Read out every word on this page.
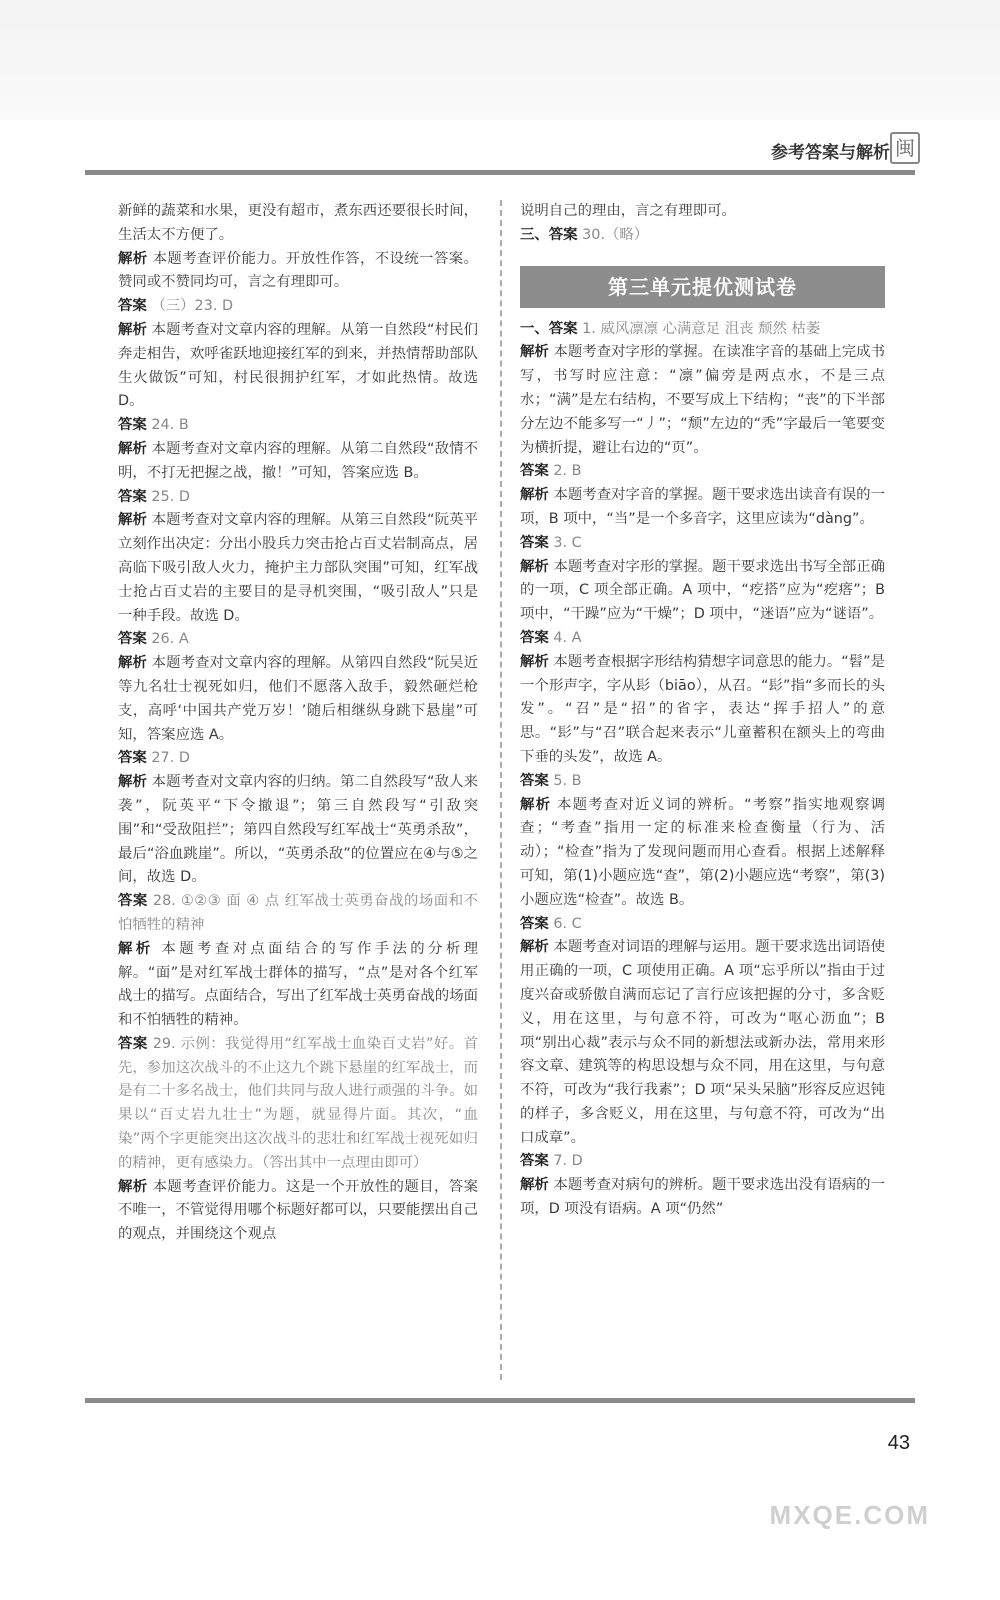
参考答案与解析 闽

新鲜的蔬菜和水果，更没有超市，煮东西还要很长时间，生活太不方便了。

解析 本题考查评价能力。开放性作答，不设统一答案。赞同或不赞同均可，言之有理即可。

答案 （三）23. D

解析 本题考查对文章内容的理解。从第一自然段“村民们奔走相告，欢呼雀跃地迎接红军的到来，并热情帮助部队生火做饭”可知，村民很拥护红军，才如此热情。故选 D。

答案 24. B

解析 本题考查对文章内容的理解。从第二自然段“敌情不明，不打无把握之战，撤！”可知，答案应选 B。

答案 25. D

解析 本题考查对文章内容的理解。从第三自然段“阮英平立刻作出决定：分出小股兵力突击抢占百丈岩制高点，居高临下吸引敌人火力，掩护主力部队突围”可知，红军战士抢占百丈岩的主要目的是寻机突围，“吸引敌人”只是一种手段。故选 D。

答案 26. A

解析 本题考查对文章内容的理解。从第四自然段“阮吴近等九名壮士视死如归，他们不愿落入敌手，毅然砸烂枪支，高呼‘中国共产党万岁！’随后相继纵身跳下悬崖”可知，答案应选 A。

答案 27. D

解析 本题考查对文章内容的归纳。第二自然段写“敌人来袭”，阮英平“下令撤退”；第三自然段写“引敌突围”和“受敌阻拦”；第四自然段写红军战士“英勇杀敌”，最后“浴血跳崖”。所以，“英勇杀敌”的位置应在④与⑤之间，故选 D。

答案 28. ①②③ 面 ④ 点 红军战士英勇奋战的场面和不怕牺牲的精神

解析 本题考查对点面结合的写作手法的分析理解。“面”是对红军战士群体的描写，“点”是对各个红军战士的描写。点面结合，写出了红军战士英勇奋战的场面和不怕牺牲的精神。

答案 29. 示例：我觉得用“红军战士血染百丈岩”好。首先，参加这次战斗的不止这九个跳下悬崖的红军战士，而是有二十多名战士，他们共同与敌人进行顽强的斗争。如果以“百丈岩九壮士”为题，就显得片面。其次，“血染”两个字更能突出这次战斗的悲壮和红军战士视死如归的精神，更有感染力。（答出其中一点理由即可）

解析 本题考查评价能力。这是一个开放性的题目，答案不唯一，不管觉得用哪个标题好都可以，只要能摆出自己的观点，并围绕这个观点

说明自己的理由，言之有理即可。

三、答案 30.（略）

第三单元提优测试卷

一、答案 1. 威风凛凛 心满意足 沮丧 颓然 枯萎

解析 本题考查对字形的掌握。在读准字音的基础上完成书写，书写时应注意：“凛”偏旁是两点水，不是三点水；“满”是左右结构，不要写成上下结构；“丧”的下半部分左边不能多写一“丿”；“颓”左边的“秃”字最后一笔要变为横折提，避让右边的“页”。

答案 2. B

解析 本题考查对字音的掌握。题干要求选出读音有误的一项，B 项中，“当”是一个多音字，这里应读为“dàng”。

答案 3. C

解析 本题考查对字形的掌握。题干要求选出书写全部正确的一项，C 项全部正确。A 项中，“疙搭”应为“疙瘩”；B 项中，“干躁”应为“干燥”；D 项中，“迷语”应为“谜语”。

答案 4. A

解析 本题考查根据字形结构猜想字词意思的能力。“髫”是一个形声字，字从髟（biāo），从召。“髟”指“多而长的头发”。“召”是“招”的省字，表达“挥手招人”的意思。“髟”与“召”联合起来表示“儿童蓄积在额头上的弯曲下垂的头发”，故选 A。

答案 5. B

解析 本题考查对近义词的辨析。“考察”指实地观察调查；“考查”指用一定的标准来检查衡量（行为、活动）；“检查”指为了发现问题而用心查看。根据上述解释可知，第(1)小题应选“查”，第(2)小题应选“考察”，第(3)小题应选“检查”。故选 B。

答案 6. C

解析 本题考查对词语的理解与运用。题干要求选出词语使用正确的一项，C 项使用正确。A 项“忘乎所以”指由于过度兴奋或骄傲自满而忘记了言行应该把握的分寸，多含贬义，用在这里，与句意不符，可改为“呕心沥血”；B 项“别出心裁”表示与众不同的新想法或新办法，常用来形容文章、建筑等的构思设想与众不同，用在这里，与句意不符，可改为“我行我素”；D 项“呆头呆脑”形容反应迟钝的样子，多含贬义，用在这里，与句意不符，可改为“出口成章”。

答案 7. D

解析 本题考查对病句的辨析。题干要求选出没有语病的一项，D 项没有语病。A 项“仍然”

43
MXQE.COM
